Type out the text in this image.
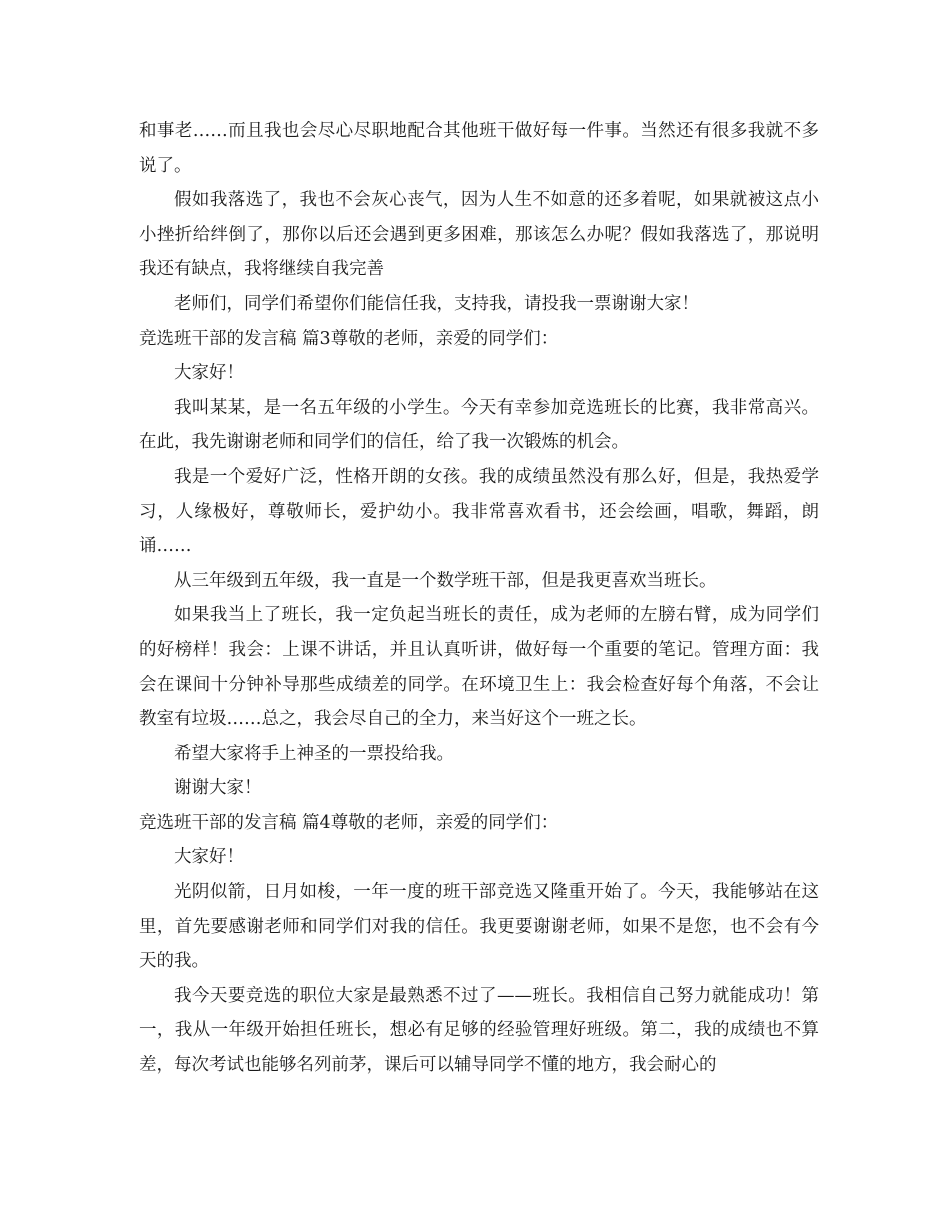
和事老……而且我也会尽心尽职地配合其他班干做好每一件事。当然还有很多我就不多说了。

假如我落选了，我也不会灰心丧气，因为人生不如意的还多着呢，如果就被这点小小挫折给绊倒了，那你以后还会遇到更多困难，那该怎么办呢？假如我落选了，那说明我还有缺点，我将继续自我完善

老师们，同学们希望你们能信任我，支持我，请投我一票谢谢大家！

竞选班干部的发言稿 篇3尊敬的老师，亲爱的同学们：

大家好！

我叫某某，是一名五年级的小学生。今天有幸参加竞选班长的比赛，我非常高兴。在此，我先谢谢老师和同学们的信任，给了我一次锻炼的机会。

我是一个爱好广泛，性格开朗的女孩。我的成绩虽然没有那么好，但是，我热爱学习，人缘极好，尊敬师长，爱护幼小。我非常喜欢看书，还会绘画，唱歌，舞蹈，朗诵……

从三年级到五年级，我一直是一个数学班干部，但是我更喜欢当班长。

如果我当上了班长，我一定负起当班长的责任，成为老师的左膀右臂，成为同学们的好榜样！我会：上课不讲话，并且认真听讲，做好每一个重要的笔记。管理方面：我会在课间十分钟补导那些成绩差的同学。在环境卫生上：我会检查好每个角落，不会让教室有垃圾……总之，我会尽自己的全力，来当好这个一班之长。

希望大家将手上神圣的一票投给我。

谢谢大家！

竞选班干部的发言稿 篇4尊敬的老师，亲爱的同学们：

大家好！

光阴似箭，日月如梭，一年一度的班干部竞选又隆重开始了。今天，我能够站在这里，首先要感谢老师和同学们对我的信任。我更要谢谢老师，如果不是您，也不会有今天的我。

我今天要竞选的职位大家是最熟悉不过了——班长。我相信自己努力就能成功！第一，我从一年级开始担任班长，想必有足够的经验管理好班级。第二，我的成绩也不算差，每次考试也能够名列前茅，课后可以辅导同学不懂的地方，我会耐心的
